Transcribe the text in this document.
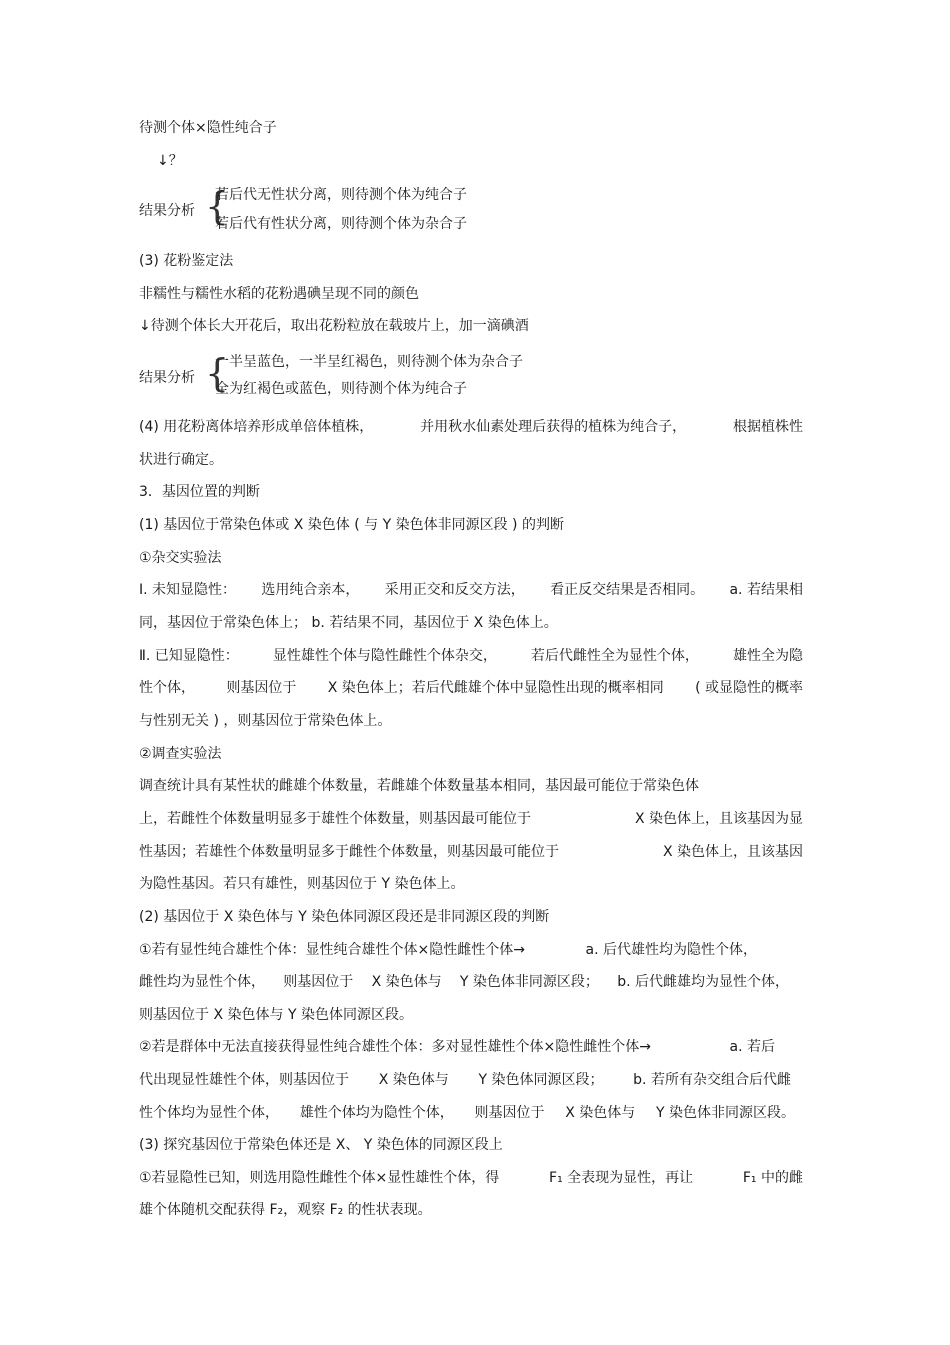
待测个体×隐性纯合子
↓？
结果分析 {
若后代无性状分离，则待测个体为纯合子
若后代有性状分离，则待测个体为杂合子
(3) 花粉鉴定法
非糯性与糯性水稻的花粉遇碘呈现不同的颜色
↓待测个体长大开花后，取出花粉粒放在载玻片上，加一滴碘酒
结果分析 {
一半呈蓝色，一半呈红褐色，则待测个体为杂合子
全为红褐色或蓝色，则待测个体为纯合子
(4) 用花粉离体培养形成单倍体植株，	并用秋水仙素处理后获得的植株为纯合子，	根据植株性
状进行确定。
3．基因位置的判断
(1) 基因位于常染色体或 X 染色体 ( 与 Y 染色体非同源区段 ) 的判断
①杂交实验法
Ⅰ. 未知显隐性： 选用纯合亲本， 采用正交和反交方法， 看正反交结果是否相同。 a. 若结果相
同，基因位于常染色体上； b. 若结果不同，基因位于 X 染色体上。
Ⅱ. 已知显隐性： 显性雄性个体与隐性雌性个体杂交， 若后代雌性全为显性个体， 雄性全为隐
性个体， 则基因位于 X 染色体上；若后代雌雄个体中显隐性出现的概率相同 ( 或显隐性的概率
与性别无关 ) ，则基因位于常染色体上。
②调查实验法
调查统计具有某性状的雌雄个体数量，若雌雄个体数量基本相同，基因最可能位于常染色体
上，若雌性个体数量明显多于雄性个体数量，则基因最可能位于	X 染色体上，且该基因为显
性基因；若雄性个体数量明显多于雌性个体数量，则基因最可能位于	X 染色体上，且该基因
为隐性基因。若只有雄性，则基因位于 Y 染色体上。
(2) 基因位于 X 染色体与 Y 染色体同源区段还是非同源区段的判断
①若有显性纯合雄性个体：显性纯合雄性个体×隐性雌性个体→	a. 后代雄性均为隐性个体，
雌性均为显性个体， 则基因位于 X 染色体与 Y 染色体非同源区段； b. 后代雌雄均为显性个体，
则基因位于 X 染色体与 Y 染色体同源区段。
②若是群体中无法直接获得显性纯合雄性个体：多对显性雄性个体×隐性雌性个体→	a. 若后
代出现显性雄性个体，则基因位于 X 染色体与 Y 染色体同源区段； b. 若所有杂交组合后代雌
性个体均为显性个体， 雄性个体均为隐性个体， 则基因位于 X 染色体与 Y 染色体非同源区段。
(3) 探究基因位于常染色体还是 X、 Y 染色体的同源区段上
①若显隐性已知，则选用隐性雌性个体×显性雄性个体，得	F₁ 全表现为显性，再让	F₁ 中的雌
雄个体随机交配获得 F₂，观察 F₂ 的性状表现。
